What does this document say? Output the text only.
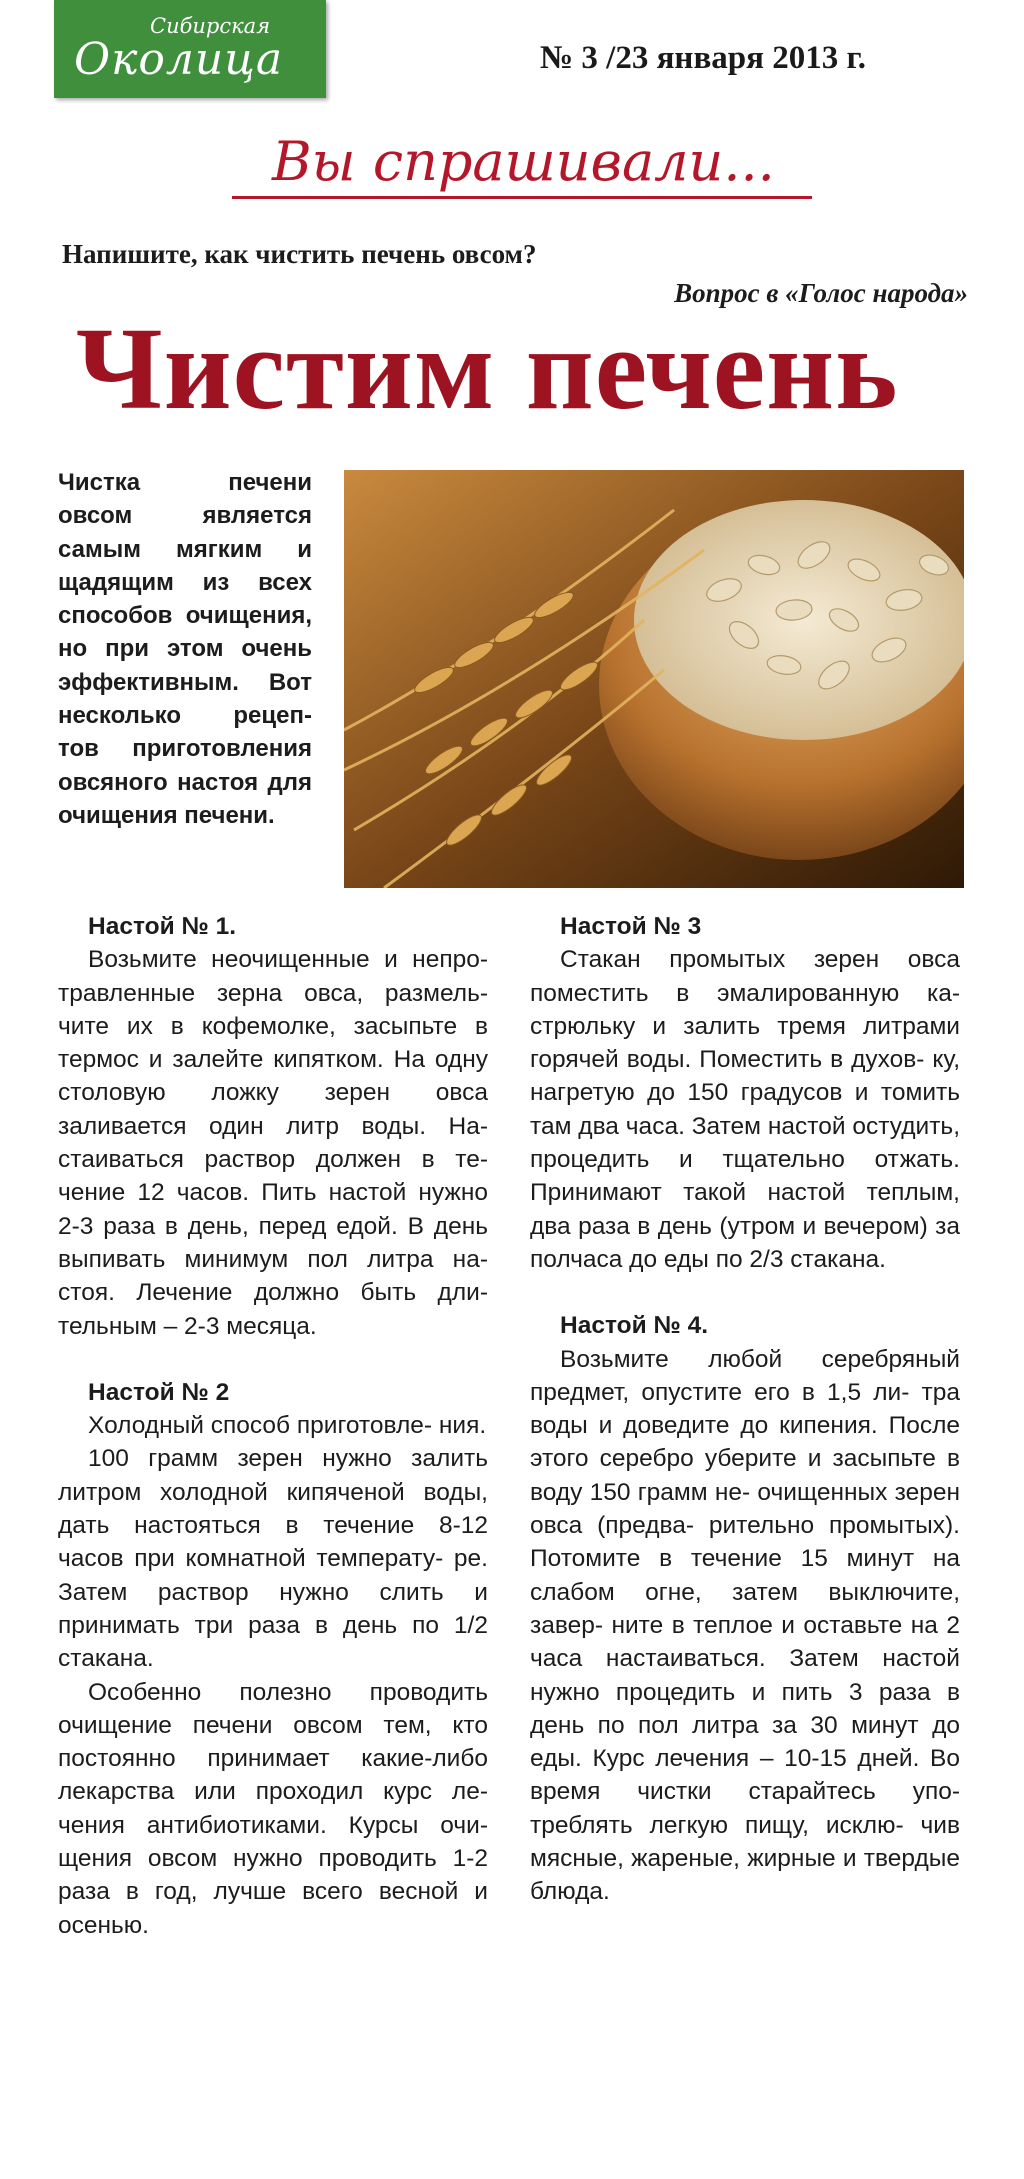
Сибирская
Околица	№ 3 /23 января 2013 г.
Вы спрашивали...
Напишите, как чистить печень овсом?
Вопрос в «Голос народа»
Чистим печень
Чистка печени
овсом является
самым мягким и
щадящим из всех
способов очищения,
но при этом очень
эффективным. Вот
несколько рецеп-
тов приготовления
овсяного настоя для
очищения печени.
Настой № 1.

Возьмите неочищенные и непро- травленные зерна овса, размель- чите их в кофемолке, засыпьте в термос и залейте кипятком. На одну столовую ложку зерен овса заливается один литр воды. На- стаиваться раствор должен в те- чение 12 часов. Пить настой нужно 2-3 раза в день, перед едой. В день выпивать минимум пол литра на- стоя. Лечение должно быть дли- тельным – 2-3 месяца.

Настой № 2

Холодный способ приготовле- ния.

100 грамм зерен нужно залить литром холодной кипяченой воды, дать настояться в течение 8-12 часов при комнатной температу- ре. Затем раствор нужно слить и принимать три раза в день по 1/2 стакана.

Особенно полезно проводить очищение печени овсом тем, кто постоянно принимает какие-либо лекарства или проходил курс ле- чения антибиотиками. Курсы очи- щения овсом нужно проводить 1-2 раза в год, лучше всего весной и осенью.

Настой № 3

Стакан промытых зерен овса поместить в эмалированную ка- стрюльку и залить тремя литрами горячей воды. Поместить в духов- ку, нагретую до 150 градусов и томить там два часа. Затем настой остудить, процедить и тщательно отжать. Принимают такой настой теплым, два раза в день (утром и вечером) за полчаса до еды по 2/3 стакана.

Настой № 4.

Возьмите любой серебряный предмет, опустите его в 1,5 ли- тра воды и доведите до кипения. После этого серебро уберите и засыпьте в воду 150 грамм не- очищенных зерен овса (предва- рительно промытых). Потомите в течение 15 минут на слабом огне, затем выключите, завер- ните в теплое и оставьте на 2 часа настаиваться. Затем настой нужно процедить и пить 3 раза в день по пол литра за 30 минут до еды. Курс лечения – 10-15 дней. Во время чистки старайтесь упо- треблять легкую пищу, исклю- чив мясные, жареные, жирные и твердые блюда.
